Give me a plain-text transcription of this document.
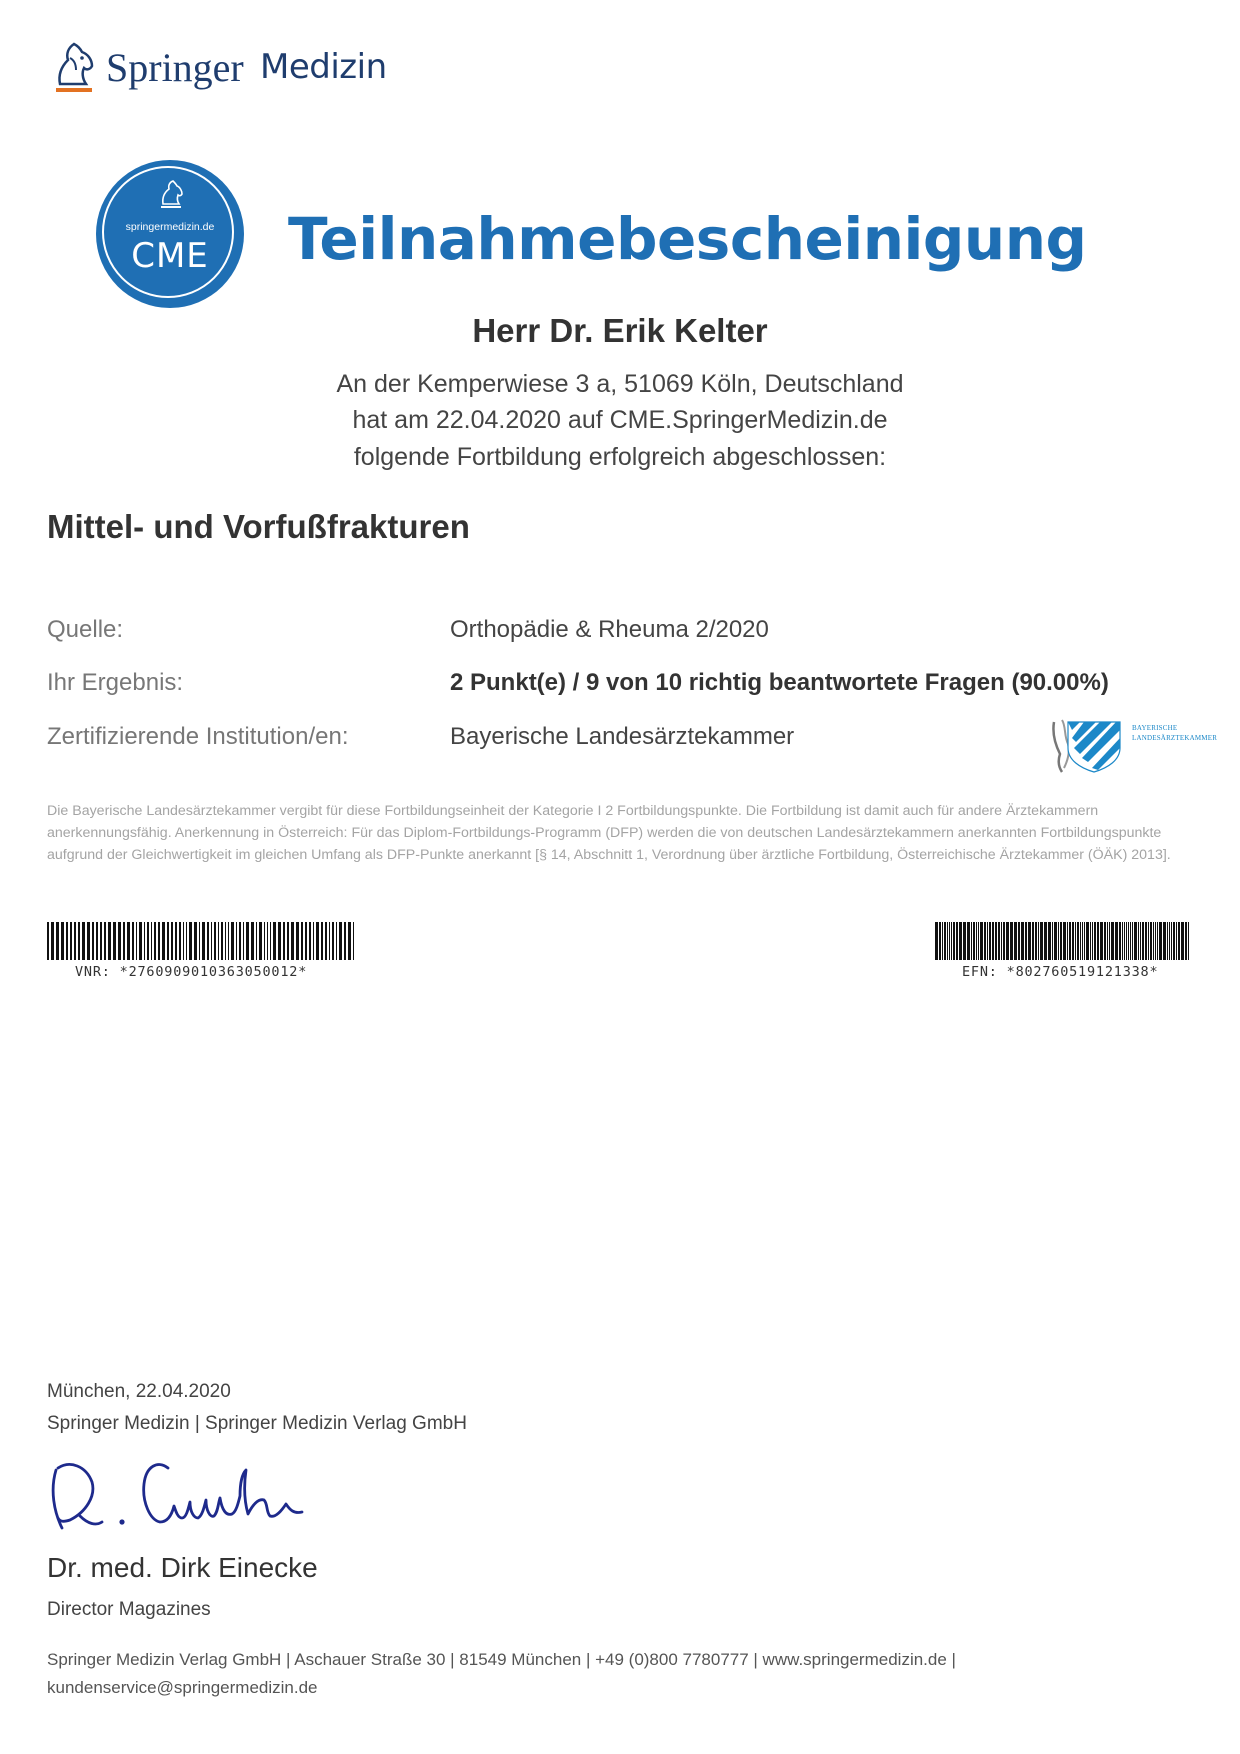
Springer Medizin
springermedizin.de
CME	Teilnahmebescheinigung
Herr Dr. Erik Kelter
An der Kemperwiese 3 a, 51069 Köln, Deutschland
hat am 22.04.2020 auf CME.SpringerMedizin.de
folgende Fortbildung erfolgreich abgeschlossen:
Mittel- und Vorfußfrakturen
Quelle:	Orthopädie & Rheuma 2/2020
Ihr Ergebnis:	2 Punkt(e) / 9 von 10 richtig beantwortete Fragen (90.00%)
Zertifizierende Institution/en:	Bayerische Landesärztekammer	BAYERISCHE
LANDESÄRZTEKAMMER
Die Bayerische Landesärztekammer vergibt für diese Fortbildungseinheit der Kategorie I 2 Fortbildungspunkte. Die Fortbildung ist damit auch für andere Ärztekammern anerkennungsfähig. Anerkennung in Österreich: Für das Diplom-Fortbildungs-Programm (DFP) werden die von deutschen Landesärztekammern anerkannten Fortbildungspunkte aufgrund der Gleichwertigkeit im gleichen Umfang als DFP-Punkte anerkannt [§ 14, Abschnitt 1, Verordnung über ärztliche Fortbildung, Österreichische Ärztekammer (ÖÄK) 2013].
VNR: *2760909010363050012*	EFN: *802760519121338*
München, 22.04.2020
Springer Medizin | Springer Medizin Verlag GmbH
Dr. med. Dirk Einecke
Director Magazines
Springer Medizin Verlag GmbH | Aschauer Straße 30 | 81549 München | +49 (0)800 7780777 | www.springermedizin.de |
kundenservice@springermedizin.de
